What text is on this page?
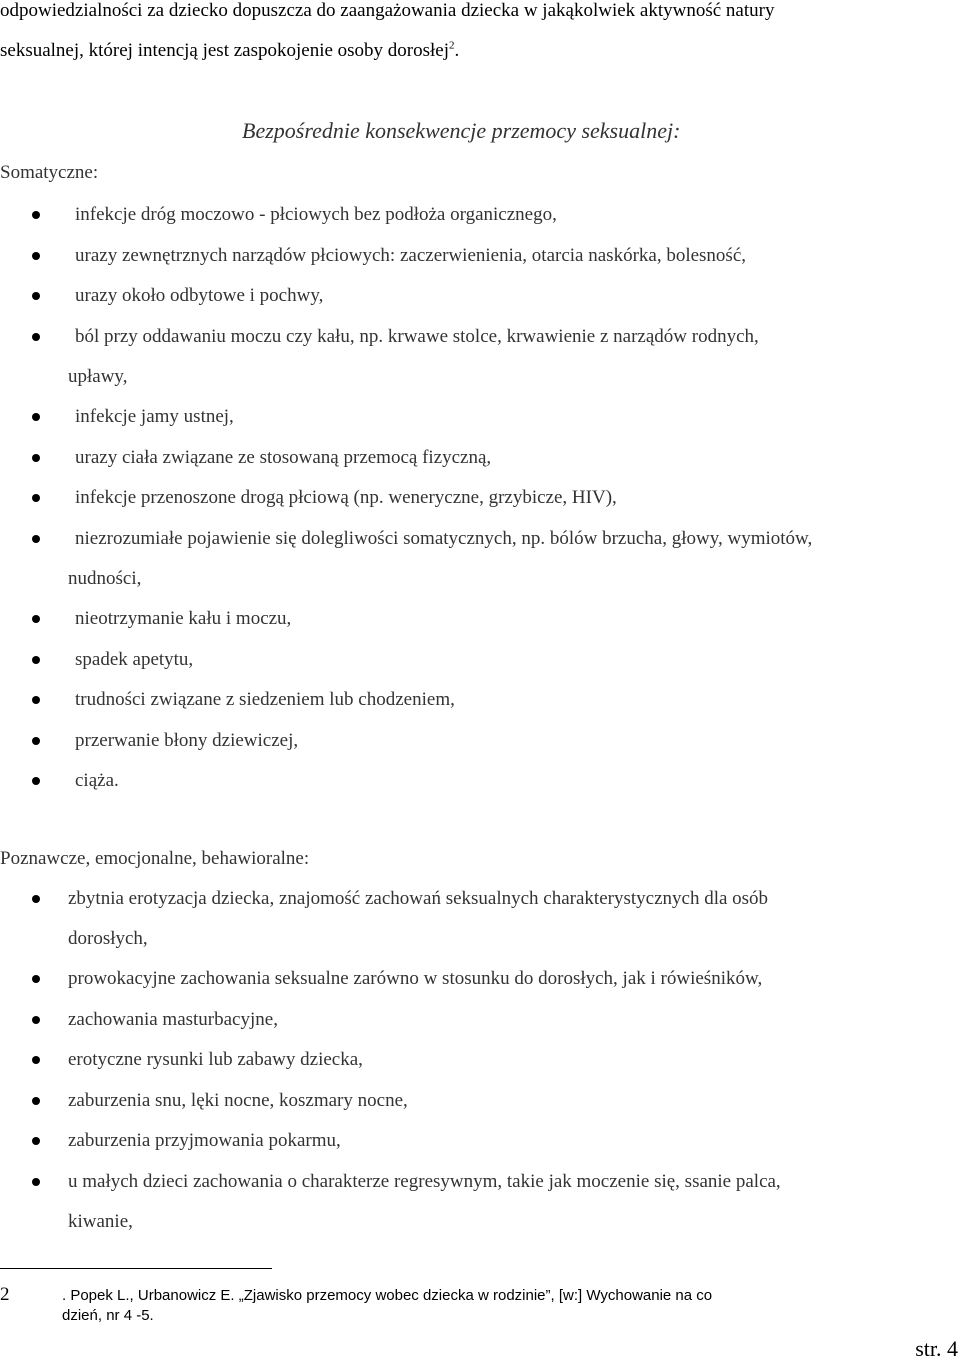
odpowiedzialności za dziecko dopuszcza do zaangażowania dziecka w jakąkolwiek aktywność natury
seksualnej, której intencją jest zaspokojenie osoby dorosłej$^2$.
Bezpośrednie konsekwencje przemocy seksualnej:
Somatyczne:
infekcje dróg moczowo - płciowych bez podłoża organicznego,
urazy zewnętrznych narządów płciowych: zaczerwienienia, otarcia naskórka, bolesność,
urazy około odbytowe i pochwy,
ból przy oddawaniu moczu czy kału, np. krwawe stolce, krwawienie z narządów rodnych,
upławy,
infekcje jamy ustnej,
urazy ciała związane ze stosowaną przemocą fizyczną,
infekcje przenoszone drogą płciową (np. weneryczne, grzybicze, HIV),
niezrozumiałe pojawienie się dolegliwości somatycznych, np. bólów brzucha, głowy, wymiotów,
nudności,
nieotrzymanie kału i moczu,
spadek apetytu,
trudności związane z siedzeniem lub chodzeniem,
przerwanie błony dziewiczej,
ciąża.
Poznawcze, emocjonalne, behawioralne:
zbytnia erotyzacja dziecka, znajomość zachowań seksualnych charakterystycznych dla osób
dorosłych,
prowokacyjne zachowania seksualne zarówno w stosunku do dorosłych, jak i rówieśników,
zachowania masturbacyjne,
erotyczne rysunki lub zabawy dziecka,
zaburzenia snu, lęki nocne, koszmary nocne,
zaburzenia przyjmowania pokarmu,
u małych dzieci zachowania o charakterze regresywnym, takie jak moczenie się, ssanie palca,
kiwanie,
2	. Popek L., Urbanowicz E. „Zjawisko przemocy wobec dziecka w rodzinie”, [w:] Wychowanie na co
dzień, nr 4 -5.
str. 4
